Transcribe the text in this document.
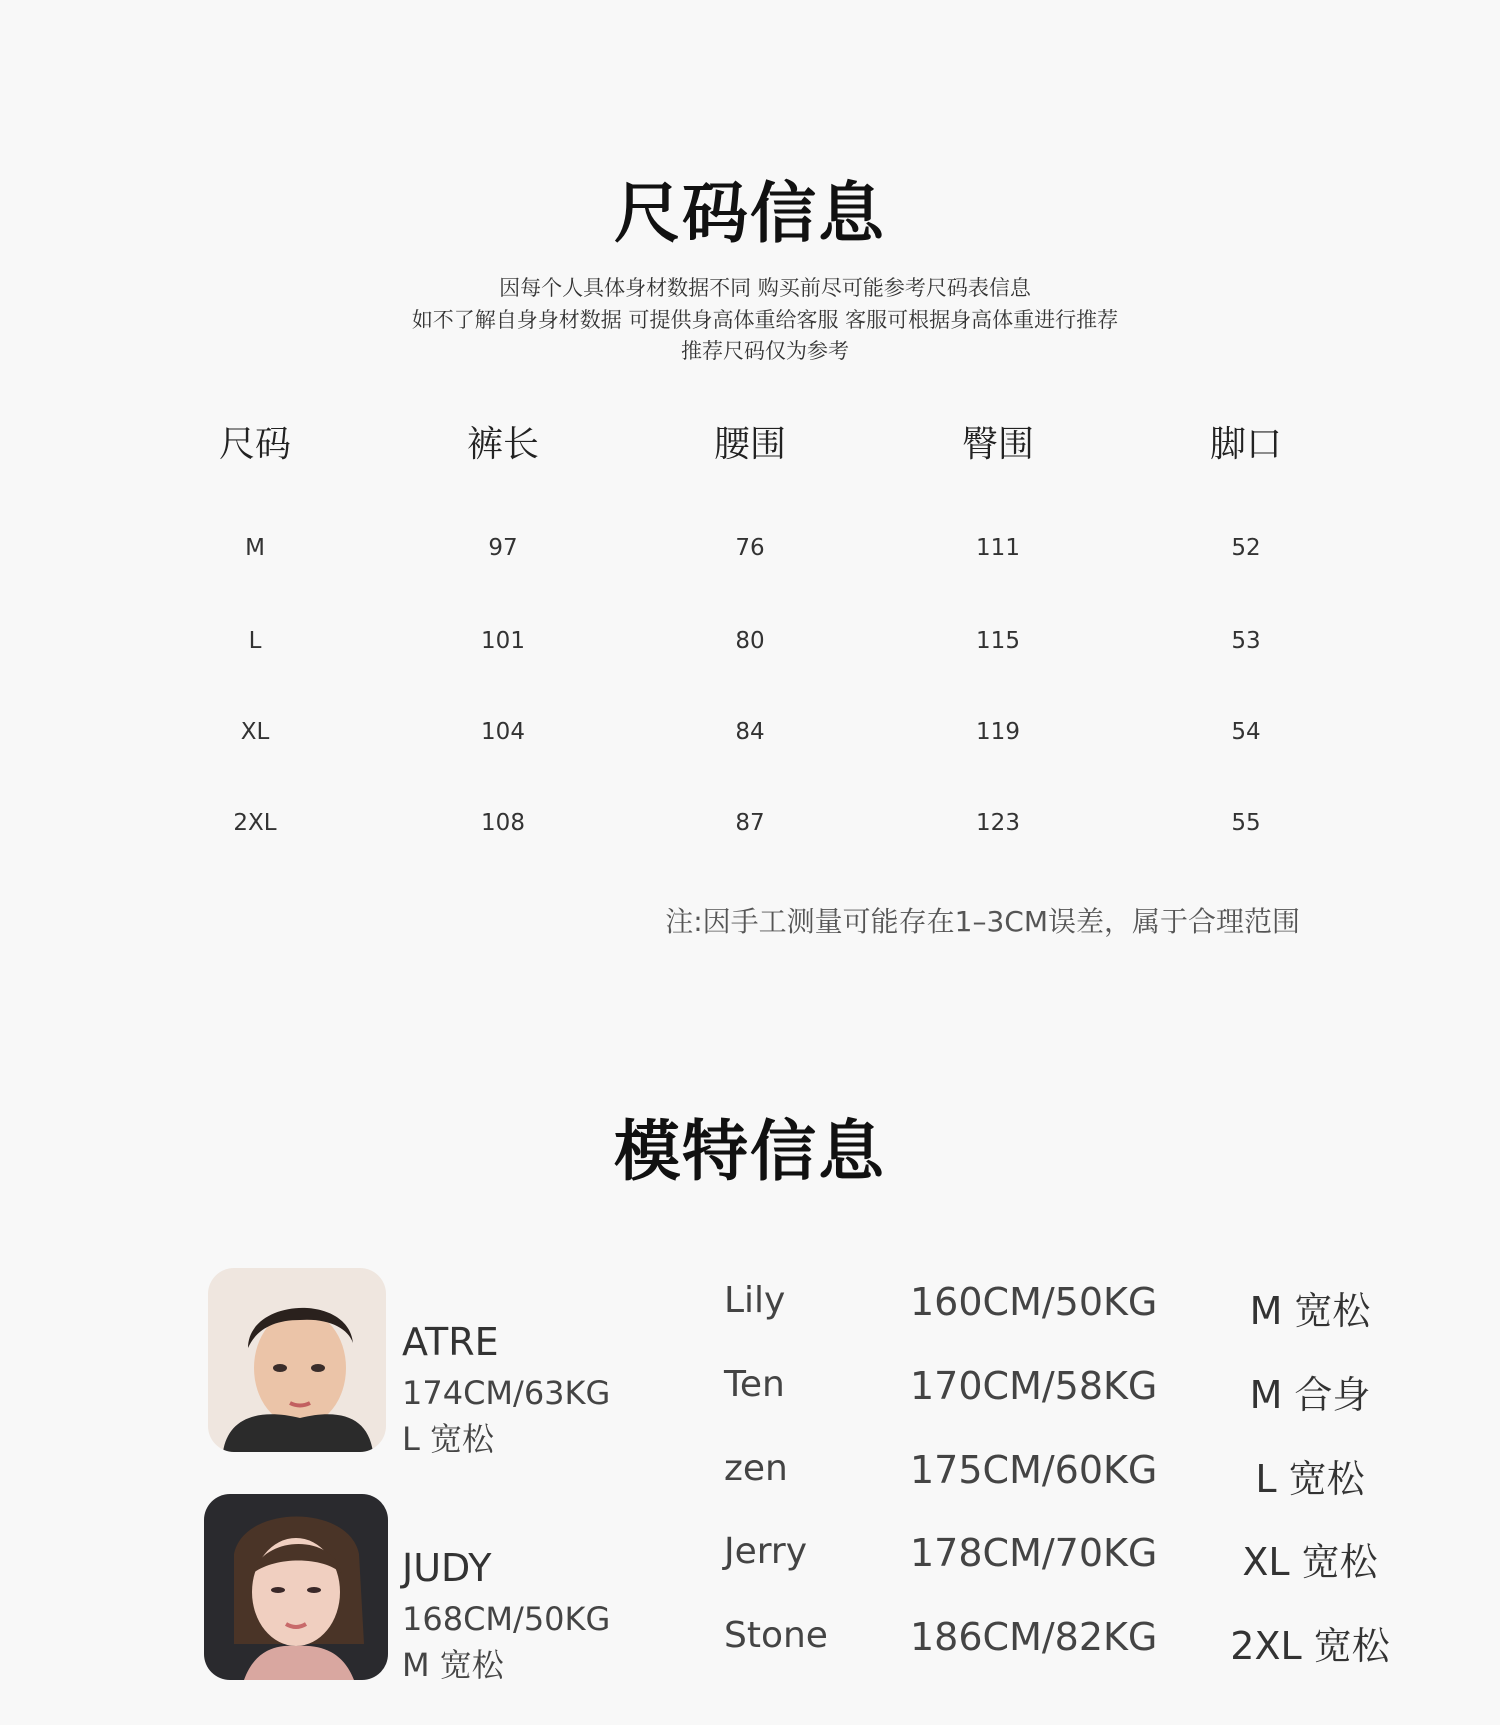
尺码信息
因每个人具体身材数据不同 购买前尽可能参考尺码表信息
如不了解自身身材数据 可提供身高体重给客服 客服可根据身高体重进行推荐
推荐尺码仅为参考
尺码	裤长	腰围	臀围	脚口
M	97	76	111	52
L	101	80	115	53
XL	104	84	119	54
2XL	108	87	123	55
注:因手工测量可能存在1–3CM误差，属于合理范围
模特信息
ATRE
174CM/63KG
L 宽松
JUDY
168CM/50KG
M 宽松
Lily	160CM/50KG	M 宽松
Ten	170CM/58KG	M 合身
zen	175CM/60KG	L 宽松
Jerry	178CM/70KG	XL 宽松
Stone 186CM/82KG	2XL 宽松
